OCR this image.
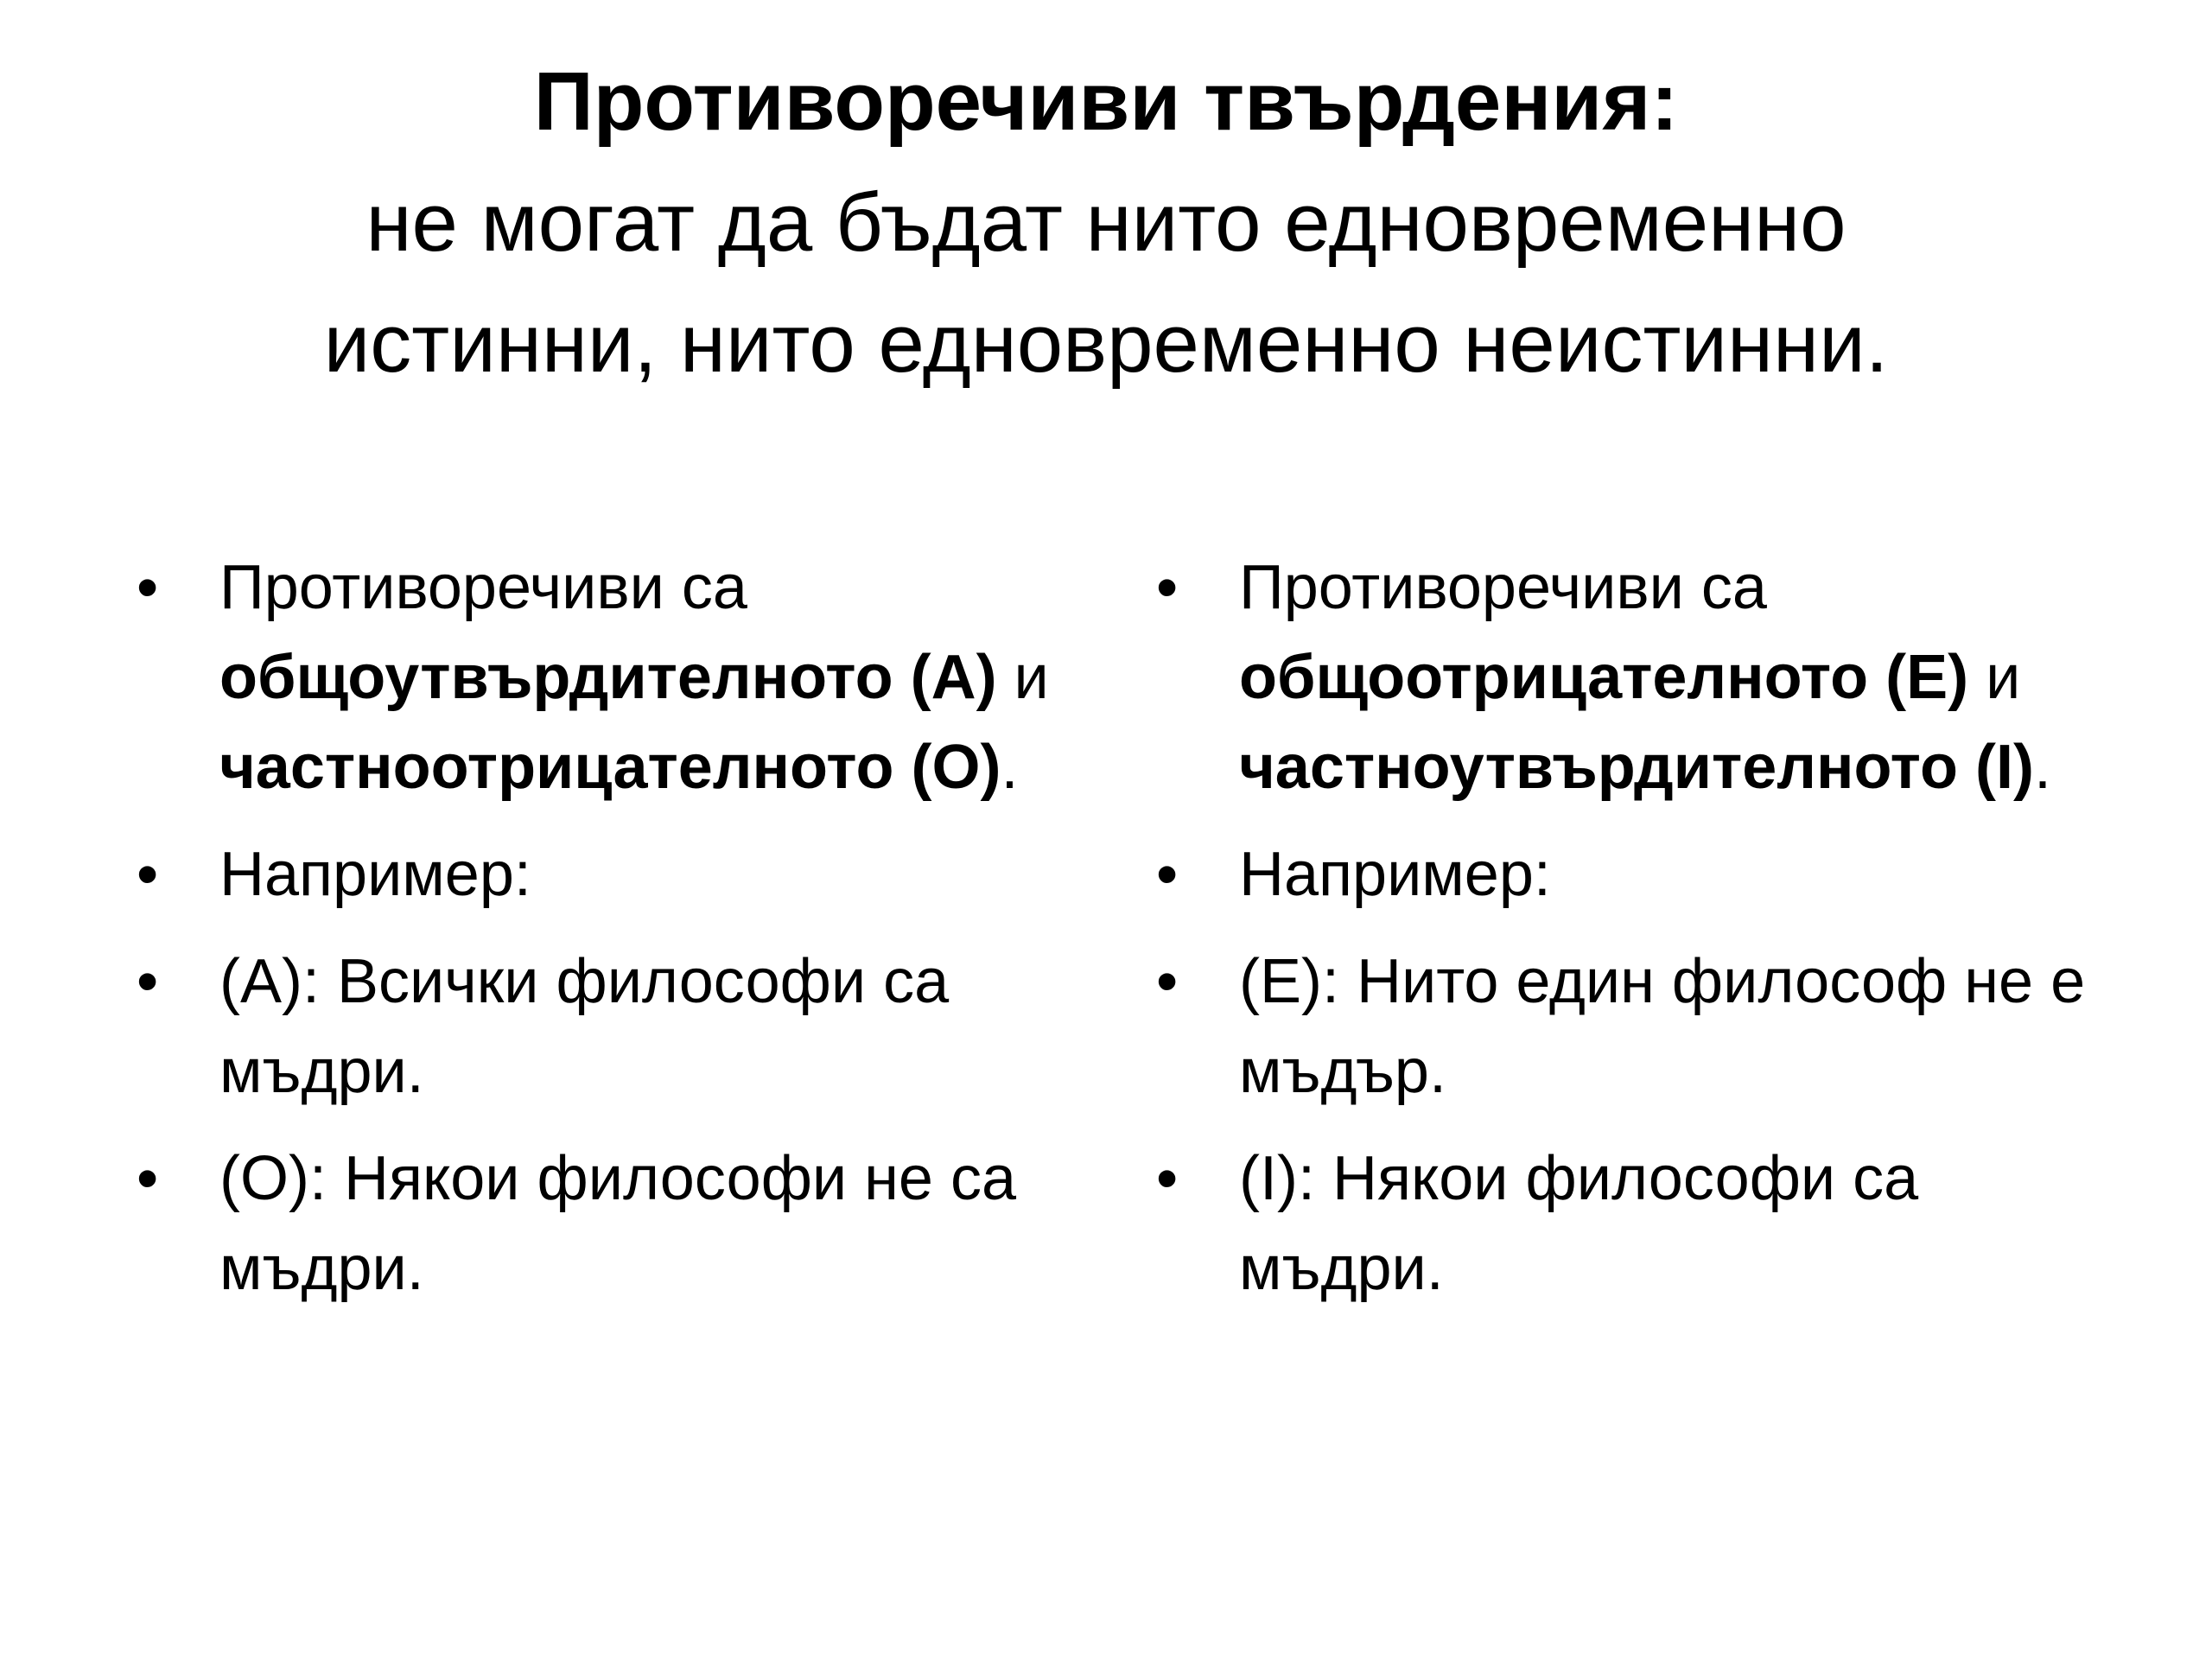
Противоречиви твърдения:
не могат да бъдат нито едновременно
истинни, нито едновременно неистинни.
• Противоречиви са общоутвърдителното (А) и частноотрицателното (О).
• Например:
• (А): Всички философи са мъдри.
• (О): Някои философи не са мъдри.
• Противоречиви са общоотрицателното (Е) и частноутвърдителното (I).
• Например:
• (Е): Нито един философ не е мъдър.
• (I): Някои философи са мъдри.
